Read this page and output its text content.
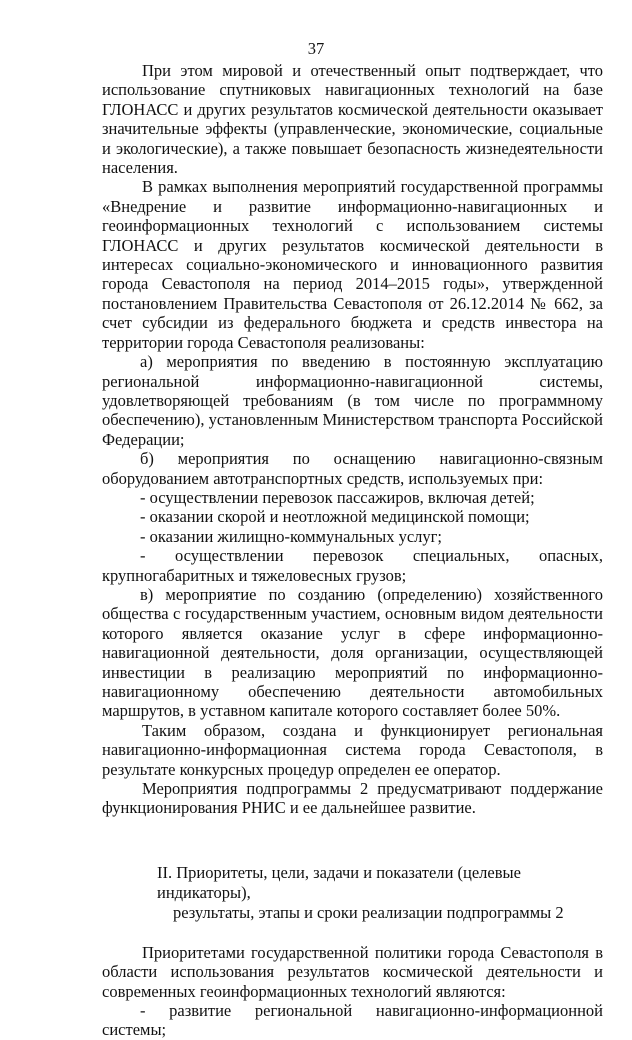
37

При этом мировой и отечественный опыт подтверждает, что использование спутниковых навигационных технологий на базе ГЛОНАСС и других результатов космической деятельности оказывает значительные эффекты (управленческие, экономические, социальные и экологические), а также повышает безопасность жизнедеятельности населения.

В рамках выполнения мероприятий государственной программы «Внедрение и развитие информационно-навигационных и геоинформационных технологий с использованием системы ГЛОНАСС и других результатов космической деятельности в интересах социально-экономического и инновационного развития города Севастополя на период 2014–2015 годы», утвержденной постановлением Правительства Севастополя от 26.12.2014 № 662, за счет субсидии из федерального бюджета и средств инвестора на территории города Севастополя реализованы:

а) мероприятия по введению в постоянную эксплуатацию региональной информационно-навигационной системы, удовлетворяющей требованиям (в том числе по программному обеспечению), установленным Министерством транспорта Российской Федерации;

б) мероприятия по оснащению навигационно-связным оборудованием автотранспортных средств, используемых при:

- осуществлении перевозок пассажиров, включая детей;

- оказании скорой и неотложной медицинской помощи;

- оказании жилищно-коммунальных услуг;

- осуществлении перевозок специальных, опасных, крупногабаритных и тяжеловесных грузов;

в) мероприятие по созданию (определению) хозяйственного общества с государственным участием, основным видом деятельности которого является оказание услуг в сфере информационно-навигационной деятельности, доля организации, осуществляющей инвестиции в реализацию мероприятий по информационно-навигационному обеспечению деятельности автомобильных маршрутов, в уставном капитале которого составляет более 50%.

Таким образом, создана и функционирует региональная навигационно-информационная система города Севастополя, в результате конкурсных процедур определен ее оператор.

Мероприятия подпрограммы 2 предусматривают поддержание функционирования РНИС и ее дальнейшее развитие.

II. Приоритеты, цели, задачи и показатели (целевые индикаторы),
результаты, этапы и сроки реализации подпрограммы 2

Приоритетами государственной политики города Севастополя в области использования результатов космической деятельности и современных геоинформационных технологий являются:

- развитие региональной навигационно-информационной системы;
